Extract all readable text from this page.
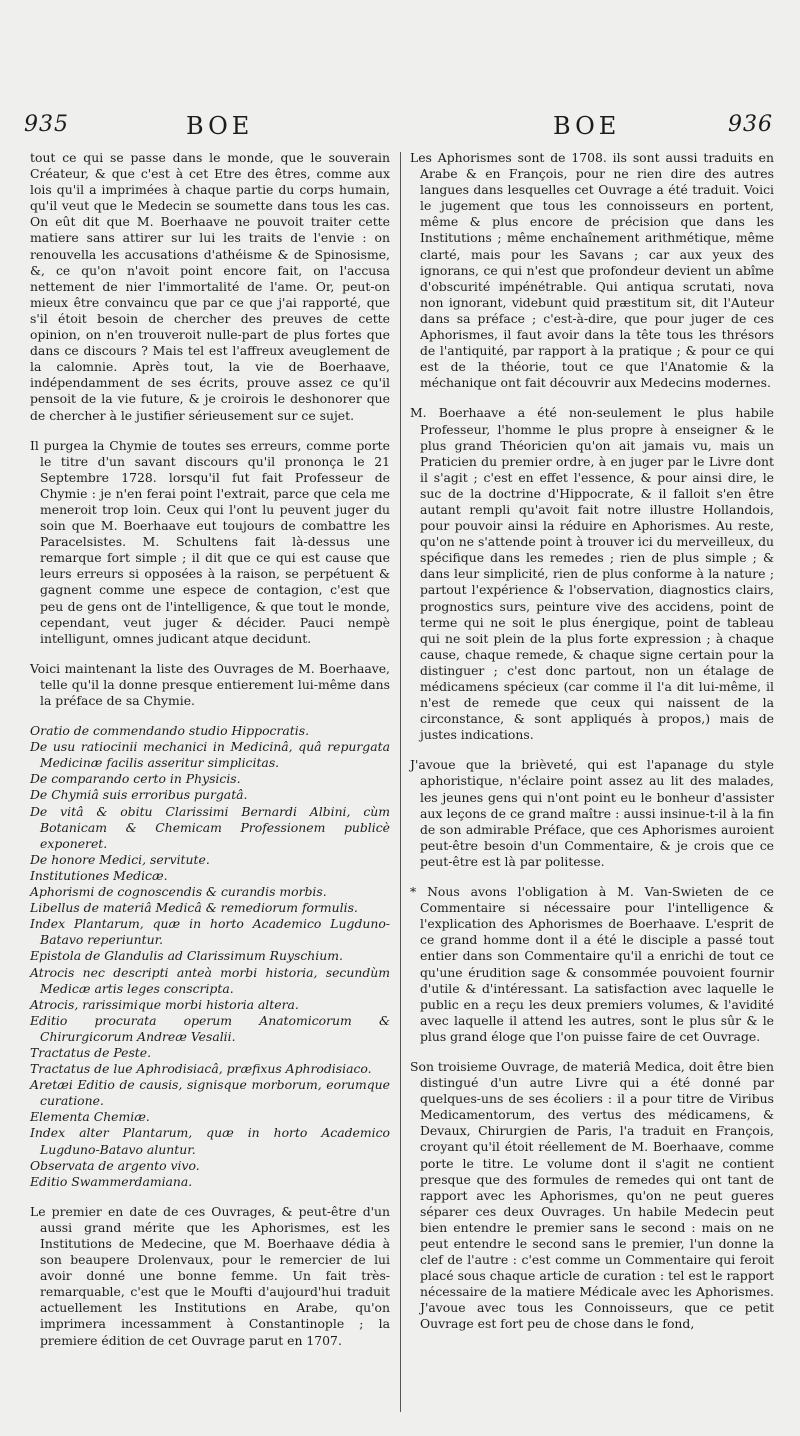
935	BOE	BOE	936

tout ce qui se passe dans le monde, que le souverain Créateur, & que c'est à cet Etre des êtres, comme aux lois qu'il a imprimées à chaque partie du corps humain, qu'il veut que le Medecin se soumette dans tous les cas. On eût dit que M. Boerhaave ne pouvoit traiter cette matiere sans attirer sur lui les traits de l'envie : on renouvella les accusations d'athéisme & de Spinosisme, &, ce qu'on n'avoit point encore fait, on l'accusa nettement de nier l'immortalité de l'ame. Or, peut-on mieux être convaincu que par ce que j'ai rapporté, que s'il étoit besoin de chercher des preuves de cette opinion, on n'en trouveroit nulle-part de plus fortes que dans ce discours ? Mais tel est l'affreux aveuglement de la calomnie. Après tout, la vie de Boerhaave, indépendamment de ses écrits, prouve assez ce qu'il pensoit de la vie future, & je croirois le deshonorer que de chercher à le justifier sérieusement sur ce sujet.

Il purgea la Chymie de toutes ses erreurs, comme porte le titre d'un savant discours qu'il prononça le 21 Septembre 1728. lorsqu'il fut fait Professeur de Chymie : je n'en ferai point l'extrait, parce que cela me meneroit trop loin. Ceux qui l'ont lu peuvent juger du soin que M. Boerhaave eut toujours de combattre les Paracelsistes. M. Schultens fait là-dessus une remarque fort simple ; il dit que ce qui est cause que leurs erreurs si opposées à la raison, se perpétuent & gagnent comme une espece de contagion, c'est que peu de gens ont de l'intelligence, & que tout le monde, cependant, veut juger & décider. Pauci nempè intelligunt, omnes judicant atque decidunt.

Voici maintenant la liste des Ouvrages de M. Boerhaave, telle qu'il la donne presque entierement lui-même dans la préface de sa Chymie.

Oratio de commendando studio Hippocratis.
De usu ratiocinii mechanici in Medicinâ, quâ repurgata Medicinæ facilis asseritur simplicitas.
De comparando certo in Physicis.
De Chymiâ suis erroribus purgatâ.
De vitâ & obitu Clarissimi Bernardi Albini, cùm Botanicam & Chemicam Professionem publicè exponeret.
De honore Medici, servitute.
Institutiones Medicæ.
Aphorismi de cognoscendis & curandis morbis.
Libellus de materiâ Medicâ & remediorum formulis.
Index Plantarum, quæ in horto Academico Lugduno-Batavo reperiuntur.
Epistola de Glandulis ad Clarissimum Ruyschium.
Atrocis nec descripti anteà morbi historia, secundùm Medicæ artis leges conscripta.
Atrocis, rarissimique morbi historia altera.
Editio procurata operum Anatomicorum & Chirurgicorum Andreæ Vesalii.
Tractatus de Peste.
Tractatus de lue Aphrodisiacâ, præfixus Aphrodisiaco.
Aretæi Editio de causis, signisque morborum, eorumque curatione.
Elementa Chemiæ.
Index alter Plantarum, quæ in horto Academico Lugduno-Batavo aluntur.
Observata de argento vivo.
Editio Swammerdamiana.

Le premier en date de ces Ouvrages, & peut-être d'un aussi grand mérite que les Aphorismes, est les Institutions de Medecine, que M. Boerhaave dédia à son beaupere Drolenvaux, pour le remercier de lui avoir donné une bonne femme. Un fait très-remarquable, c'est que le Moufti d'aujourd'hui traduit actuellement les Institutions en Arabe, qu'on imprimera incessamment à Constantinople ; la premiere édition de cet Ouvrage parut en 1707.

Les Aphorismes sont de 1708. ils sont aussi traduits en Arabe & en François, pour ne rien dire des autres langues dans lesquelles cet Ouvrage a été traduit. Voici le jugement que tous les connoisseurs en portent, même & plus encore de précision que dans les Institutions ; même enchaînement arithmétique, même clarté, mais pour les Savans ; car aux yeux des ignorans, ce qui n'est que profondeur devient un abîme d'obscurité impénétrable. Qui antiqua scrutati, nova non ignorant, videbunt quid præstitum sit, dit l'Auteur dans sa préface ; c'est-à-dire, que pour juger de ces Aphorismes, il faut avoir dans la tête tous les thrésors de l'antiquité, par rapport à la pratique ; & pour ce qui est de la théorie, tout ce que l'Anatomie & la méchanique ont fait découvrir aux Medecins modernes.

M. Boerhaave a été non-seulement le plus habile Professeur, l'homme le plus propre à enseigner & le plus grand Théoricien qu'on ait jamais vu, mais un Praticien du premier ordre, à en juger par le Livre dont il s'agit ; c'est en effet l'essence, & pour ainsi dire, le suc de la doctrine d'Hippocrate, & il falloit s'en être autant rempli qu'avoit fait notre illustre Hollandois, pour pouvoir ainsi la réduire en Aphorismes. Au reste, qu'on ne s'attende point à trouver ici du merveilleux, du spécifique dans les remedes ; rien de plus simple ; & dans leur simplicité, rien de plus conforme à la nature ; partout l'expérience & l'observation, diagnostics clairs, prognostics surs, peinture vive des accidens, point de terme qui ne soit le plus énergique, point de tableau qui ne soit plein de la plus forte expression ; à chaque cause, chaque remede, & chaque signe certain pour la distinguer ; c'est donc partout, non un étalage de médicamens spécieux (car comme il l'a dit lui-même, il n'est de remede que ceux qui naissent de la circonstance, & sont appliqués à propos,) mais de justes indications.

J'avoue que la brièveté, qui est l'apanage du style aphoristique, n'éclaire point assez au lit des malades, les jeunes gens qui n'ont point eu le bonheur d'assister aux leçons de ce grand maître : aussi insinue-t-il à la fin de son admirable Préface, que ces Aphorismes auroient peut-être besoin d'un Commentaire, & je crois que ce peut-être est là par politesse.

* Nous avons l'obligation à M. Van-Swieten de ce Commentaire si nécessaire pour l'intelligence & l'explication des Aphorismes de Boerhaave. L'esprit de ce grand homme dont il a été le disciple a passé tout entier dans son Commentaire qu'il a enrichi de tout ce qu'une érudition sage & consommée pouvoient fournir d'utile & d'intéressant. La satisfaction avec laquelle le public en a reçu les deux premiers volumes, & l'avidité avec laquelle il attend les autres, sont le plus sûr & le plus grand éloge que l'on puisse faire de cet Ouvrage.

Son troisieme Ouvrage, de materiâ Medica, doit être bien distingué d'un autre Livre qui a été donné par quelques-uns de ses écoliers : il a pour titre de Viribus Medicamentorum, des vertus des médicamens, & Devaux, Chirurgien de Paris, l'a traduit en François, croyant qu'il étoit réellement de M. Boerhaave, comme porte le titre. Le volume dont il s'agit ne contient presque que des formules de remedes qui ont tant de rapport avec les Aphorismes, qu'on ne peut gueres séparer ces deux Ouvrages. Un habile Medecin peut bien entendre le premier sans le second : mais on ne peut entendre le second sans le premier, l'un donne la clef de l'autre : c'est comme un Commentaire qui feroit placé sous chaque article de curation : tel est le rapport nécessaire de la matiere Médicale avec les Aphorismes. J'avoue avec tous les Connoisseurs, que ce petit Ouvrage est fort peu de chose dans le fond,
